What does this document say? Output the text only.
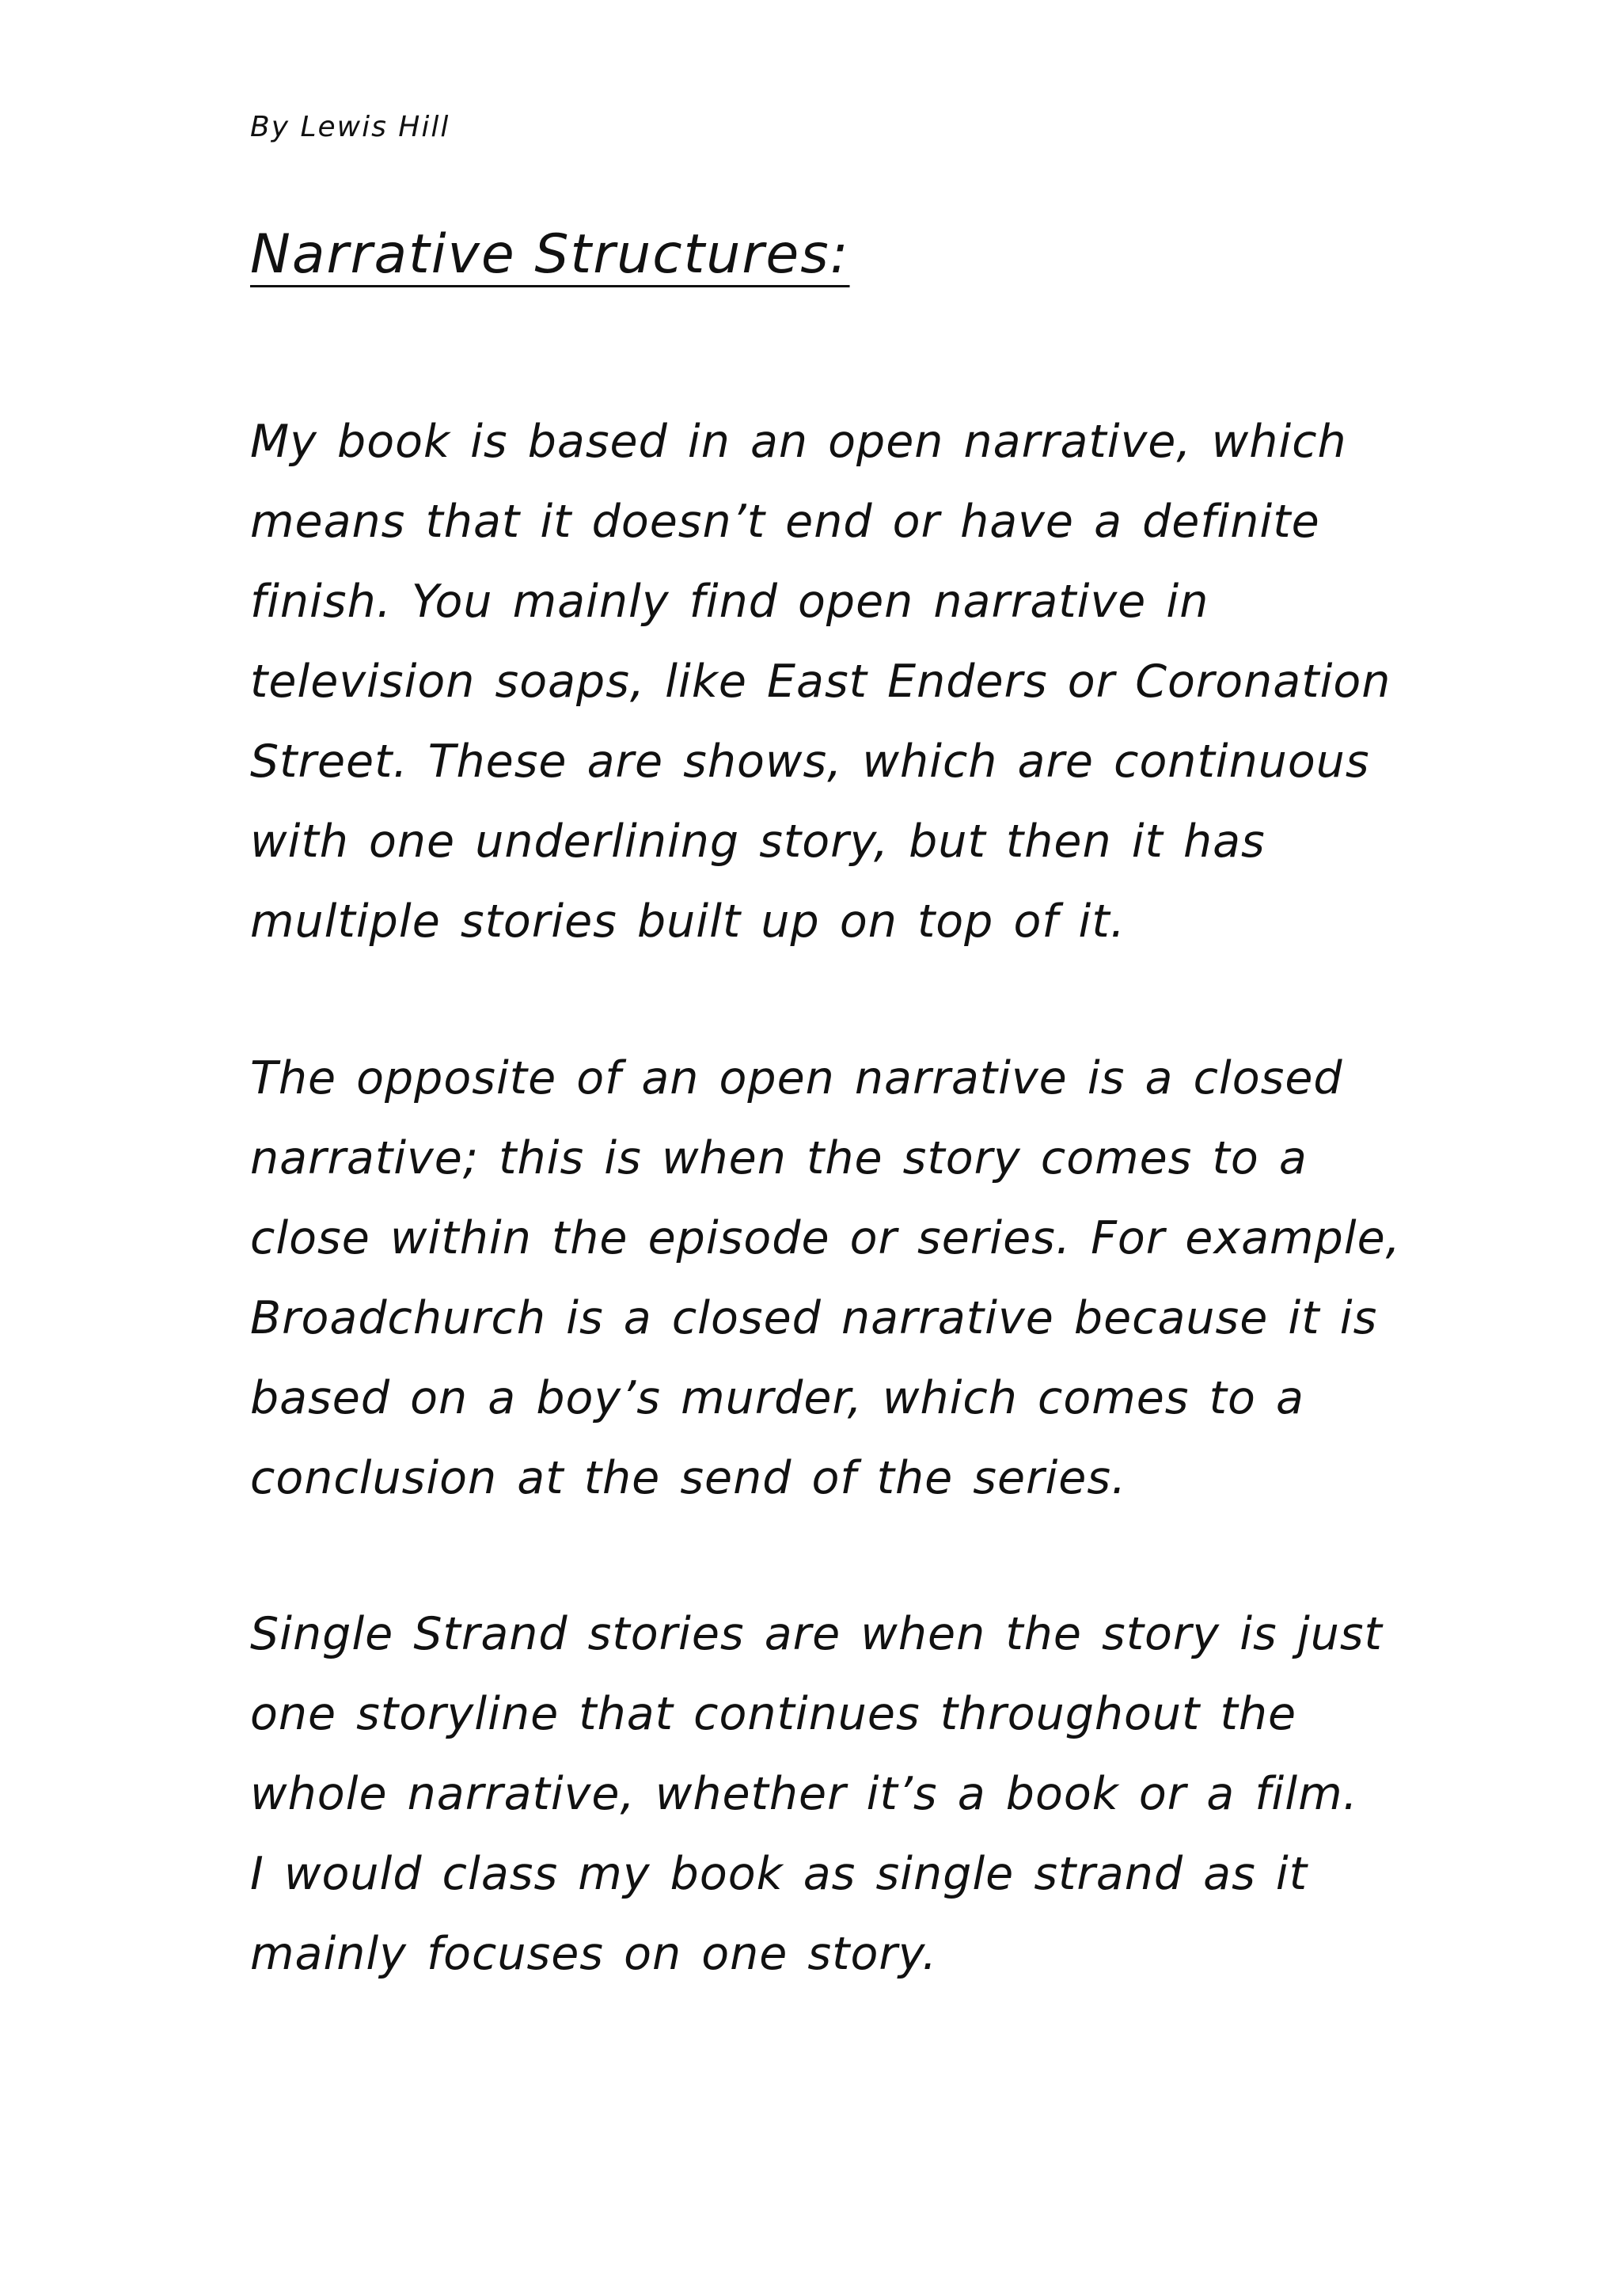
By Lewis Hill
Narrative Structures:

My book is based in an open narrative, which
means that it doesn’t end or have a definite
finish. You mainly find open narrative in
television soaps, like East Enders or Coronation
Street. These are shows, which are continuous
with one underlining story, but then it has
multiple stories built up on top of it.

The opposite of an open narrative is a closed
narrative; this is when the story comes to a
close within the episode or series. For example,
Broadchurch is a closed narrative because it is
based on a boy’s murder, which comes to a
conclusion at the send of the series.

Single Strand stories are when the story is just
one storyline that continues throughout the
whole narrative, whether it’s a book or a film.
I would class my book as single strand as it
mainly focuses on one story.
